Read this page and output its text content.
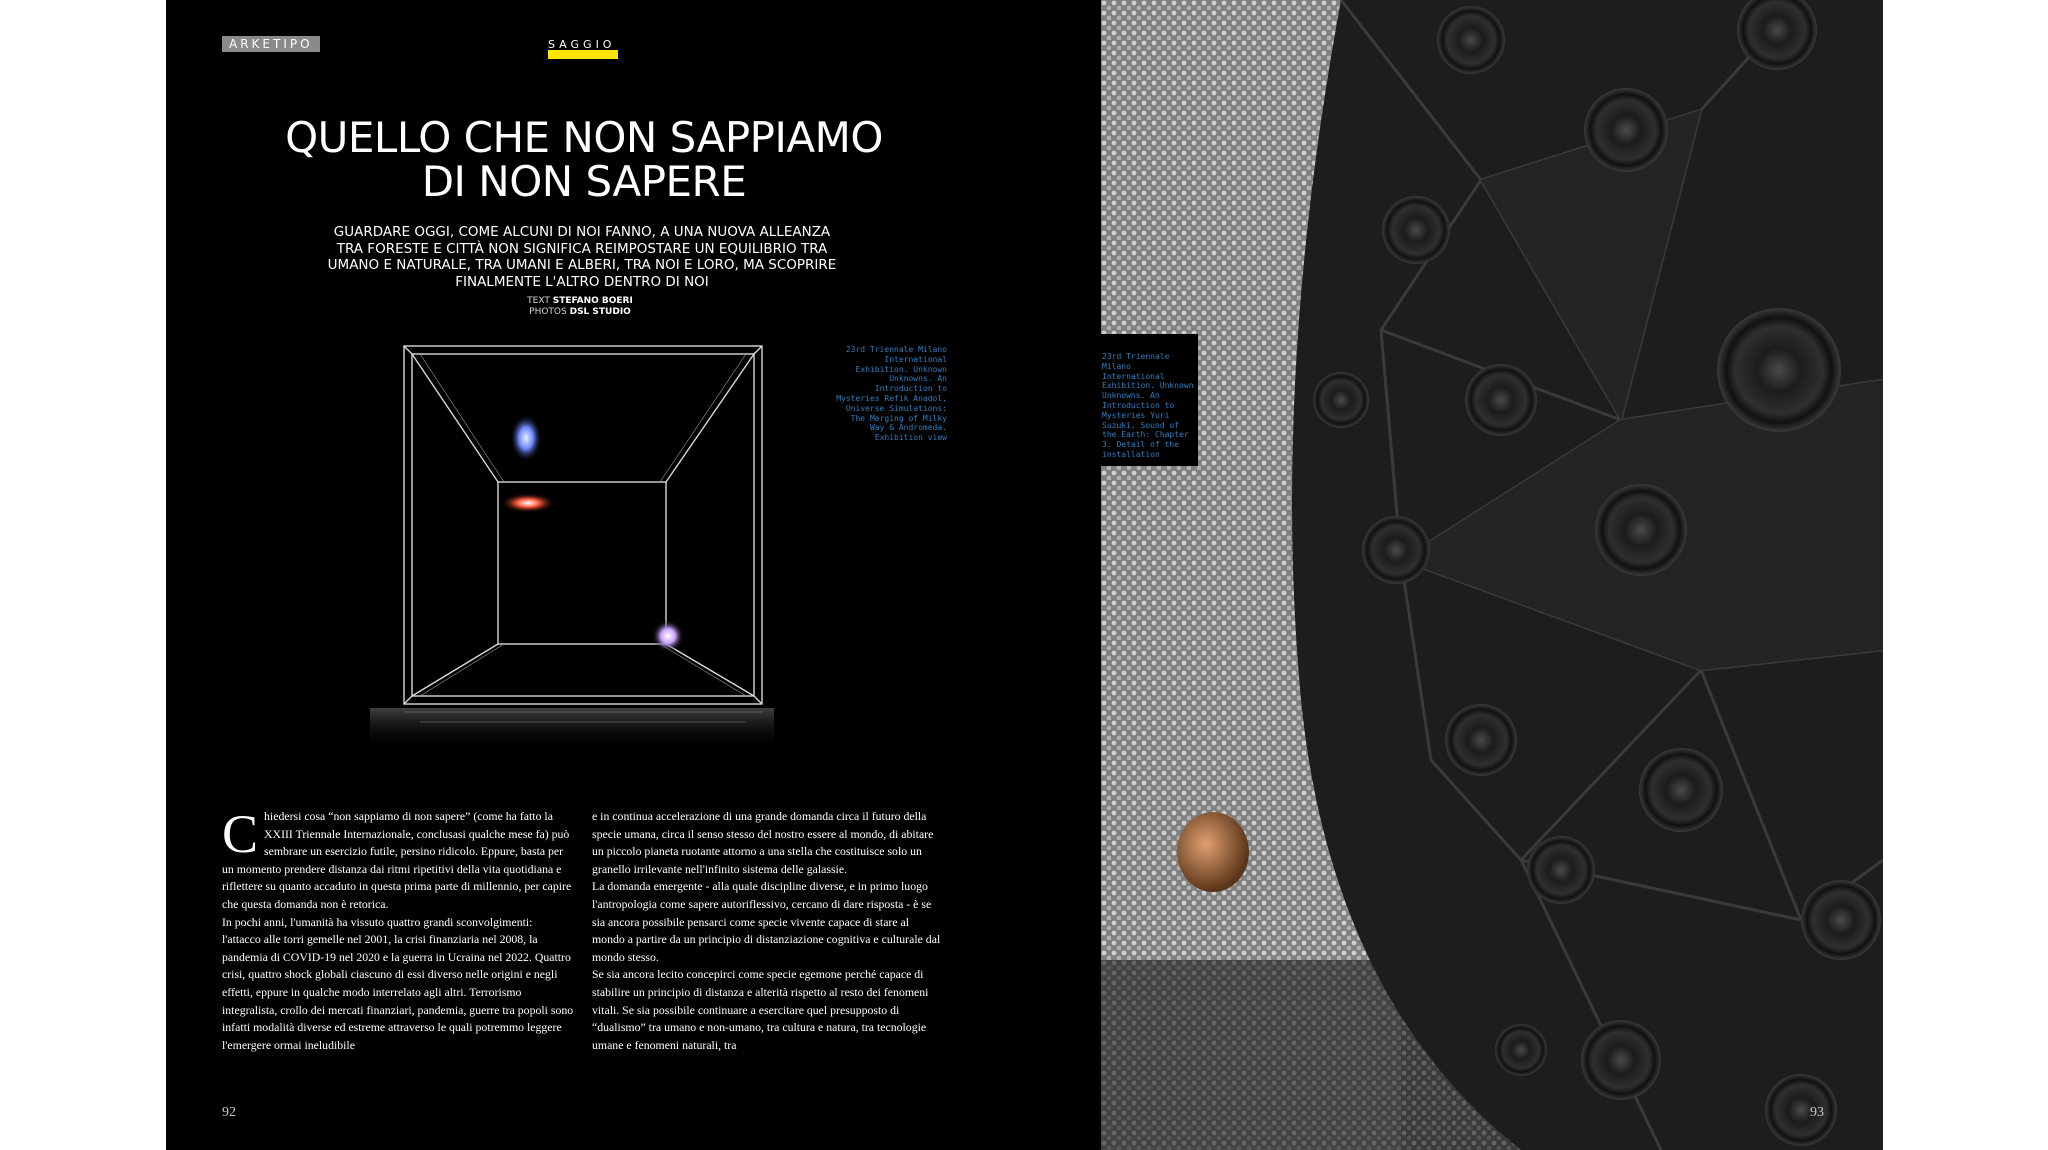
ARKETIPO	SAGGIO
QUELLO CHE NON SAPPIAMO
DI NON SAPERE

GUARDARE OGGI, COME ALCUNI DI NOI FANNO, A UNA NUOVA ALLEANZA TRA FORESTE E CITTÀ NON SIGNIFICA REIMPOSTARE UN EQUILIBRIO TRA UMANO E NATURALE, TRA UMANI E ALBERI, TRA NOI E LORO, MA SCOPRIRE FINALMENTE L'ALTRO DENTRO DI NOI

TEXT STEFANO BOERI
PHOTOS DSL STUDIO
23rd Triennale Milano International Exhibition. Unknown Unknowns. An Introduction to Mysteries Refik Anadol, Universe Simulations: The Merging of Milky Way & Andromeda. Exhibition view
C hiedersi cosa “non sappiamo di non sapere” (come ha fatto la XXIII Triennale Internazionale, conclusasi qualche mese fa) può sembrare un esercizio futile, persino ridicolo. Eppure, basta per un momento prendere distanza dai ritmi ripetitivi della vita quotidiana e riflettere su quanto accaduto in questa prima parte di millennio, per capire che questa domanda non è retorica.

In pochi anni, l'umanità ha vissuto quattro grandi sconvolgimenti: l'attacco alle torri gemelle nel 2001, la crisi finanziaria nel 2008, la pandemia di COVID-19 nel 2020 e la guerra in Ucraina nel 2022. Quattro crisi, quattro shock globali ciascuno di essi diverso nelle origini e negli effetti, eppure in qualche modo interrelato agli altri. Terrorismo integralista, crollo dei mercati finanziari, pandemia, guerre tra popoli sono infatti modalità diverse ed estreme attraverso le quali potremmo leggere l'emergere ormai ineludibile

e in continua accelerazione di una grande domanda circa il futuro della specie umana, circa il senso stesso del nostro essere al mondo, di abitare un piccolo pianeta ruotante attorno a una stella che costituisce solo un granello irrilevante nell'infinito sistema delle galassie.

La domanda emergente - alla quale discipline diverse, e in primo luogo l'antropologia come sapere autoriflessivo, cercano di dare risposta - è se sia ancora possibile pensarci come specie vivente capace di stare al mondo a partire da un principio di distanziazione cognitiva e culturale dal mondo stesso.

Se sia ancora lecito concepirci come specie egemone perché capace di stabilire un principio di distanza e alterità rispetto al resto dei fenomeni vitali. Se sia possibile continuare a esercitare quel presupposto di “dualismo” tra umano e non-umano, tra cultura e natura, tra tecnologie umane e fenomeni naturali, tra

92
23rd Triennale Milano International Exhibition. Unknown Unknowns. An Introduction to Mysteries Yuri Suzuki, Sound of the Earth: Chapter 3. Detail of the installation
93
